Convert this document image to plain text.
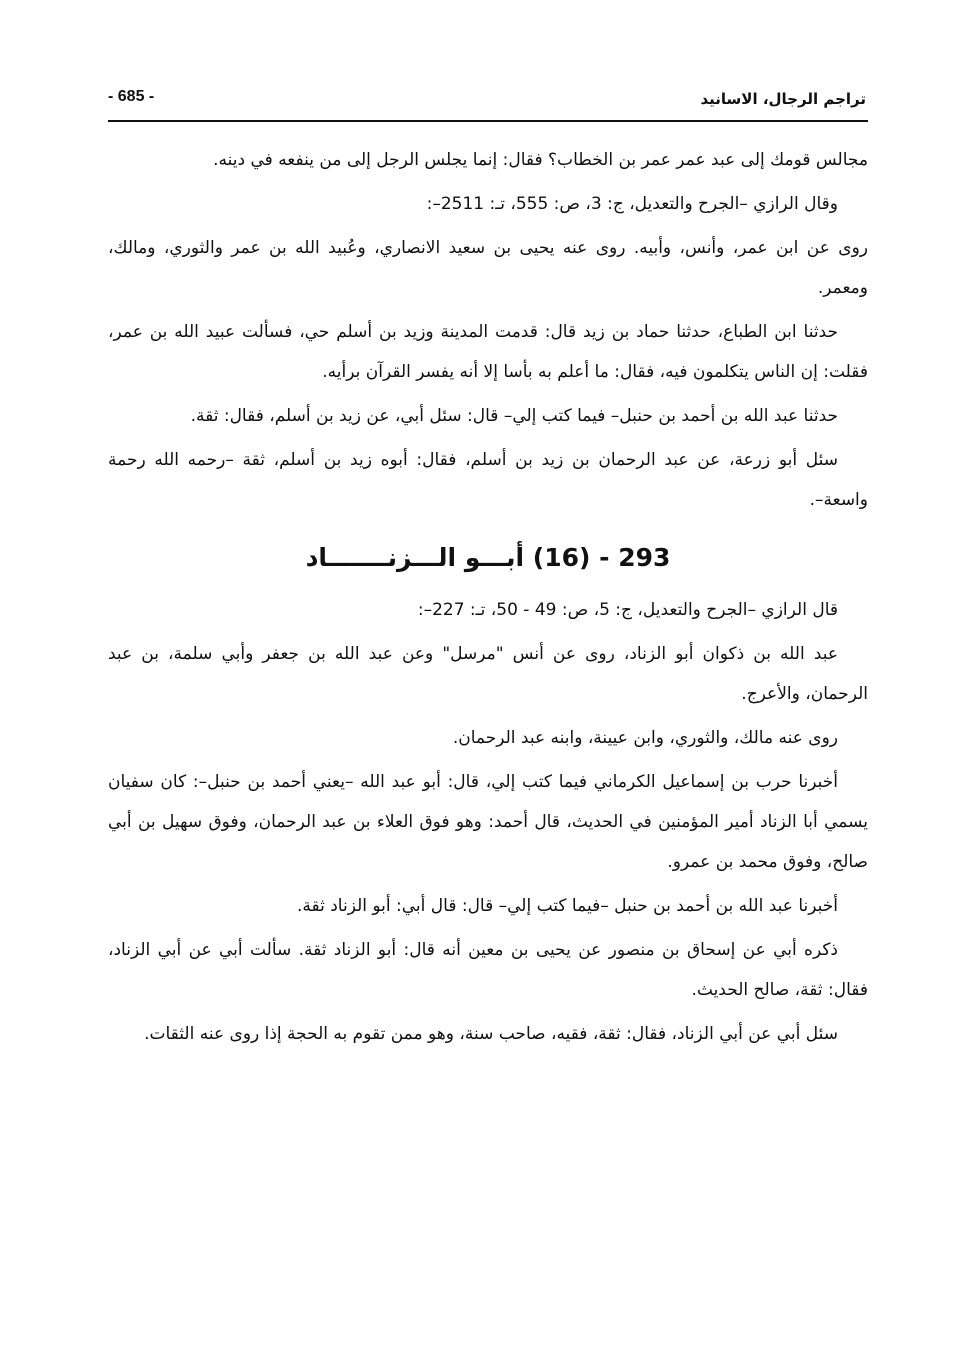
تراجم الرجال، الاسانيد
- 685 -

مجالس قومك إلى عبد عمر عمر بن الخطاب؟ فقال: إنما يجلس الرجل إلى من ينفعه في دينه.

وقال الرازي –الجرح والتعديل، ج: 3، ص: 555، تـ: 2511–:

روى عن ابن عمر، وأنس، وأبيه. روى عنه يحيى بن سعيد الانصاري، وعُبيد الله بن عمر والثوري، ومالك، ومعمر.

حدثنا ابن الطباع، حدثنا حماد بن زيد قال: قدمت المدينة وزيد بن أسلم حي، فسألت عبيد الله بن عمر، فقلت: إن الناس يتكلمون فيه، فقال: ما أعلم به بأسا إلا أنه يفسر القرآن برأيه.

حدثنا عبد الله بن أحمد بن حنبل– فيما كتب إلي– قال: سئل أبي، عن زيد بن أسلم، فقال: ثقة.

سئل أبو زرعة، عن عبد الرحمان بن زيد بن أسلم، فقال: أبوه زيد بن أسلم، ثقة –رحمه الله رحمة واسعة–.

293 - (16) أبـــو الـــزنـــــــاد

قال الرازي –الجرح والتعديل، ج: 5، ص: 49 - 50، تـ: 227–:

عبد الله بن ذكوان أبو الزناد، روى عن أنس "مرسل" وعن عبد الله بن جعفر وأبي سلمة، بن عبد الرحمان، والأعرج.

روى عنه مالك، والثوري، وابن عيينة، وابنه عبد الرحمان.

أخبرنا حرب بن إسماعيل الكرماني فيما كتب إلي، قال: أبو عبد الله –يعني أحمد بن حنبل–: كان سفيان يسمي أبا الزناد أمير المؤمنين في الحديث، قال أحمد: وهو فوق العلاء بن عبد الرحمان، وفوق سهيل بن أبي صالح، وفوق محمد بن عمرو.

أخبرنا عبد الله بن أحمد بن حنبل –فيما كتب إلي– قال: قال أبي: أبو الزناد ثقة.

ذكره أبي عن إسحاق بن منصور عن يحيى بن معين أنه قال: أبو الزناد ثقة. سألت أبي عن أبي الزناد، فقال: ثقة، صالح الحديث.

سئل أبي عن أبي الزناد، فقال: ثقة، فقيه، صاحب سنة، وهو ممن تقوم به الحجة إذا روى عنه الثقات.
